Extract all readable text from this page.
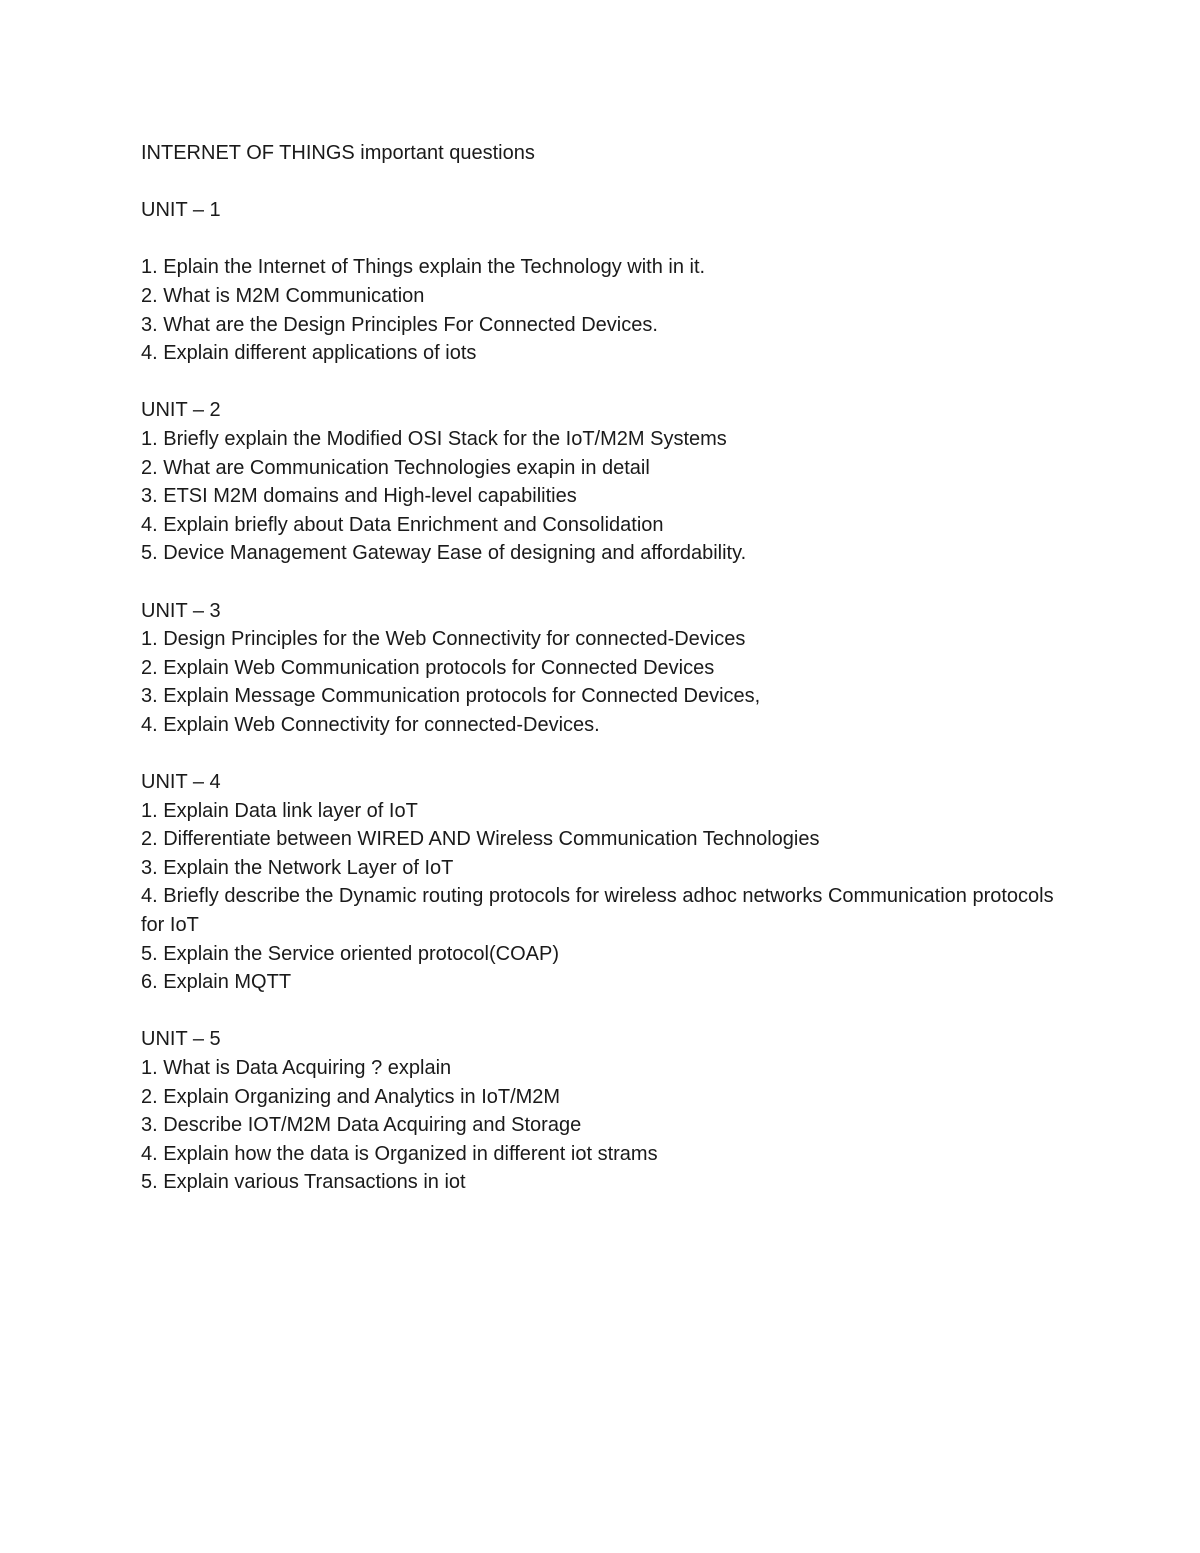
INTERNET OF THINGS important questions

UNIT – 1

1. Eplain the Internet of Things explain the Technology with in it.
2. What is M2M Communication
3. What are the Design Principles For Connected Devices.
4. Explain different applications of iots

UNIT – 2

1. Briefly explain the Modified OSI Stack for the IoT/M2M Systems
2. What are Communication Technologies exapin in detail
3. ETSI M2M domains and High-level capabilities
4. Explain briefly about Data Enrichment and Consolidation
5. Device Management Gateway Ease of designing and affordability.

UNIT – 3

1. Design Principles for the Web Connectivity for connected-Devices
2. Explain Web Communication protocols for Connected Devices
3. Explain Message Communication protocols for Connected Devices,
4. Explain Web Connectivity for connected-Devices.

UNIT – 4

1. Explain Data link layer of IoT
2. Differentiate between WIRED AND Wireless Communication Technologies
3. Explain the Network Layer of IoT
4. Briefly describe the Dynamic routing protocols for wireless adhoc networks Communication protocols for IoT
5. Explain the Service oriented protocol(COAP)
6. Explain MQTT

UNIT – 5

1. What is Data Acquiring ? explain
2. Explain Organizing and Analytics in IoT/M2M
3. Describe IOT/M2M Data Acquiring and Storage
4. Explain how the data is Organized in different iot strams
5. Explain various Transactions in iot
